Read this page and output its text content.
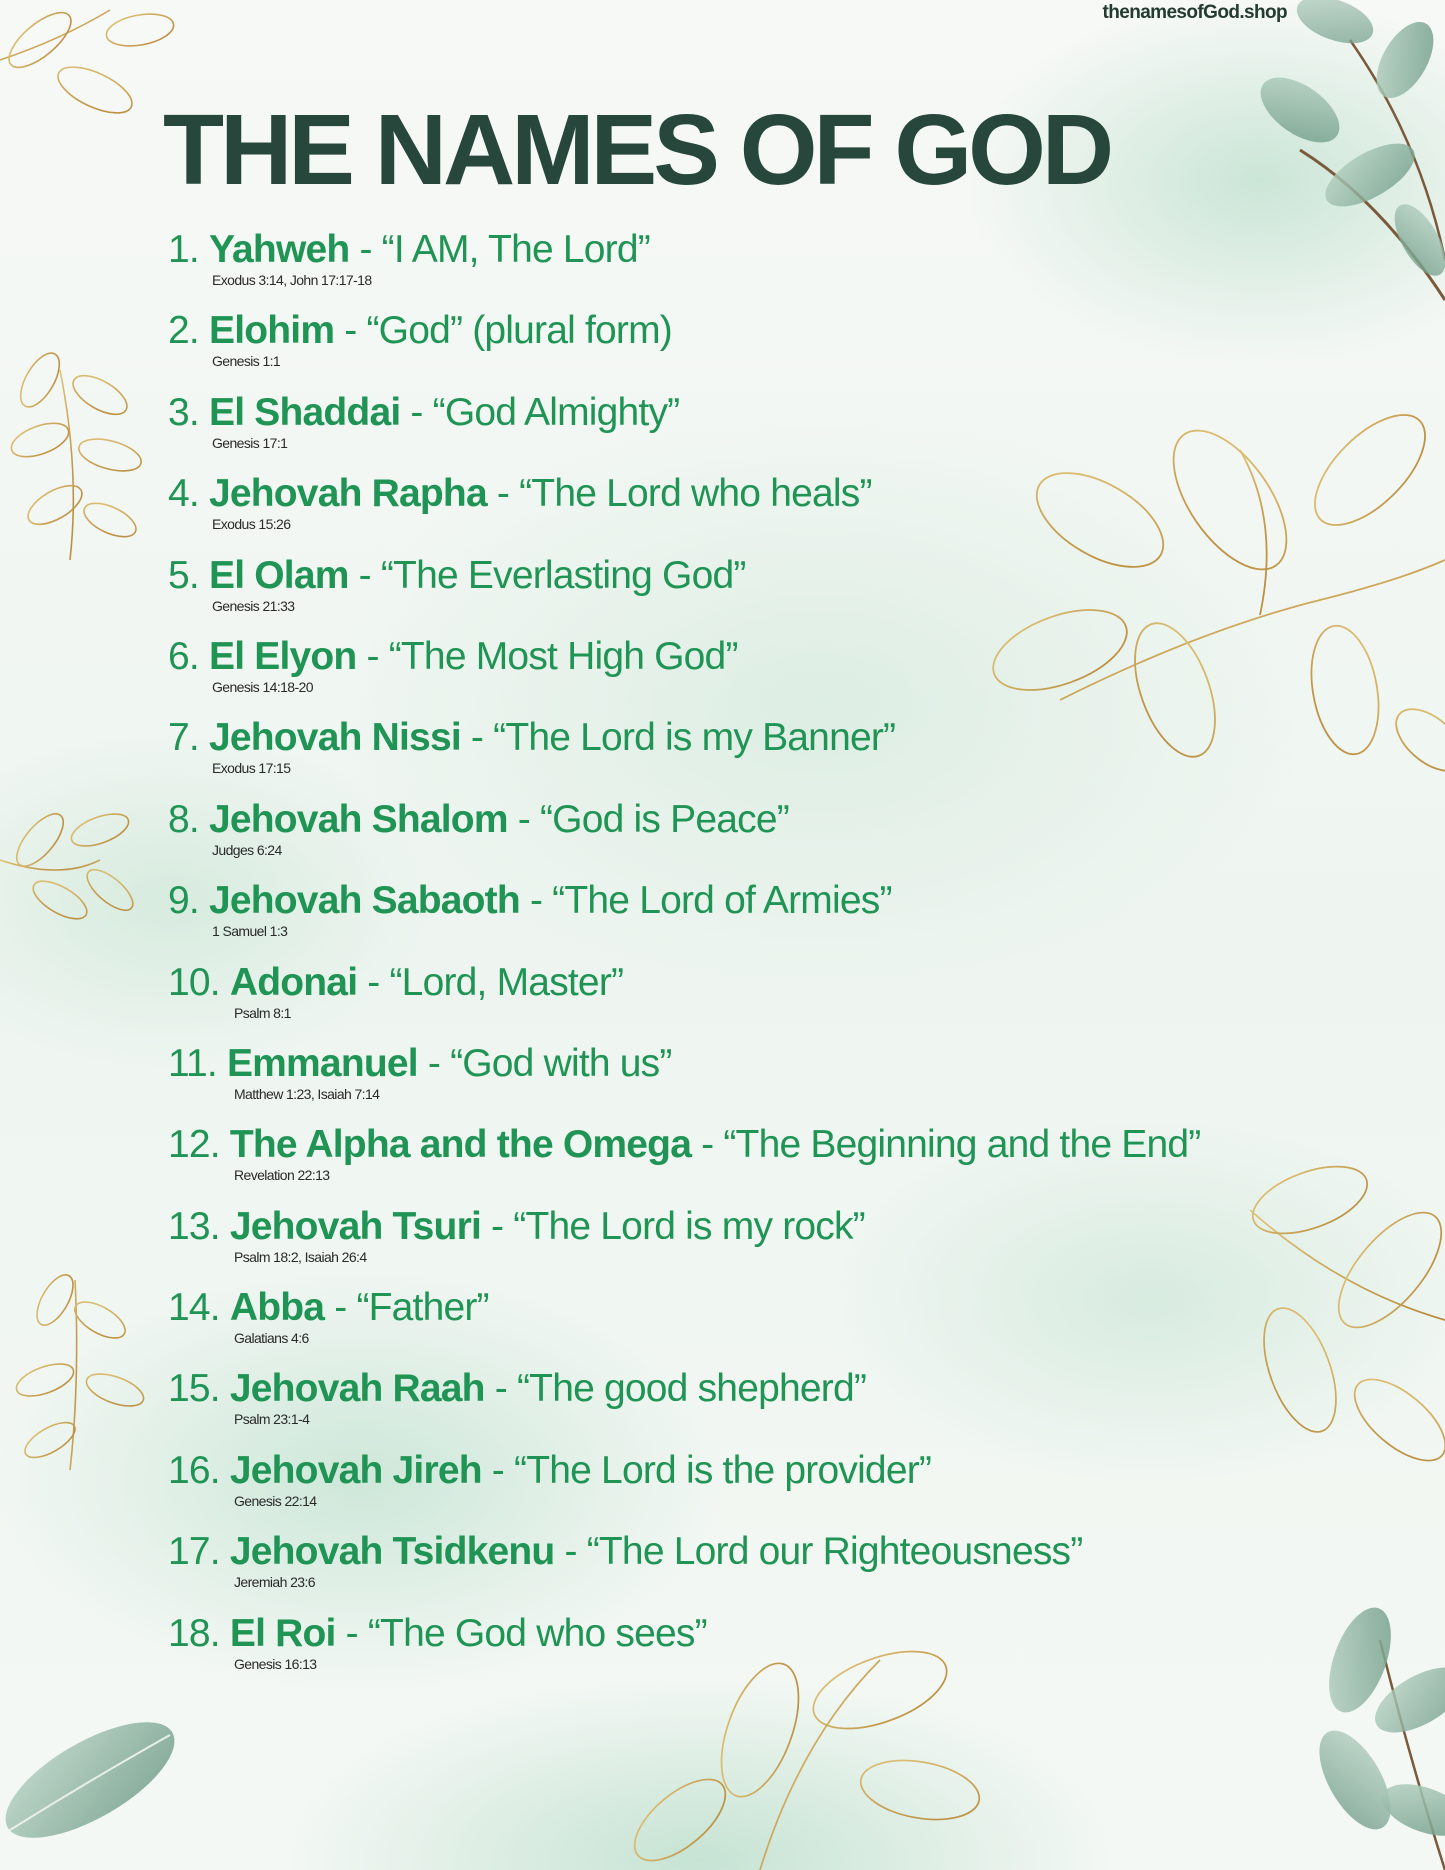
thenamesofGod.shop
THE NAMES OF GOD
1. Yahweh - “I AM, The Lord”
Exodus 3:14, John 17:17-18
2. Elohim - “God” (plural form)
Genesis 1:1
3. El Shaddai - “God Almighty”
Genesis 17:1
4. Jehovah Rapha - “The Lord who heals”
Exodus 15:26
5. El Olam - “The Everlasting God”
Genesis 21:33
6. El Elyon - “The Most High God”
Genesis 14:18-20
7. Jehovah Nissi - “The Lord is my Banner”
Exodus 17:15
8. Jehovah Shalom - “God is Peace”
Judges 6:24
9. Jehovah Sabaoth - “The Lord of Armies”
1 Samuel 1:3
10. Adonai - “Lord, Master”
Psalm 8:1
11. Emmanuel - “God with us”
Matthew 1:23, Isaiah 7:14
12. The Alpha and the Omega - “The Beginning and the End”
Revelation 22:13
13. Jehovah Tsuri - “The Lord is my rock”
Psalm 18:2, Isaiah 26:4
14. Abba - “Father”
Galatians 4:6
15. Jehovah Raah - “The good shepherd”
Psalm 23:1-4
16. Jehovah Jireh - “The Lord is the provider”
Genesis 22:14
17. Jehovah Tsidkenu - “The Lord our Righteousness”
Jeremiah 23:6
18. El Roi - “The God who sees”
Genesis 16:13
